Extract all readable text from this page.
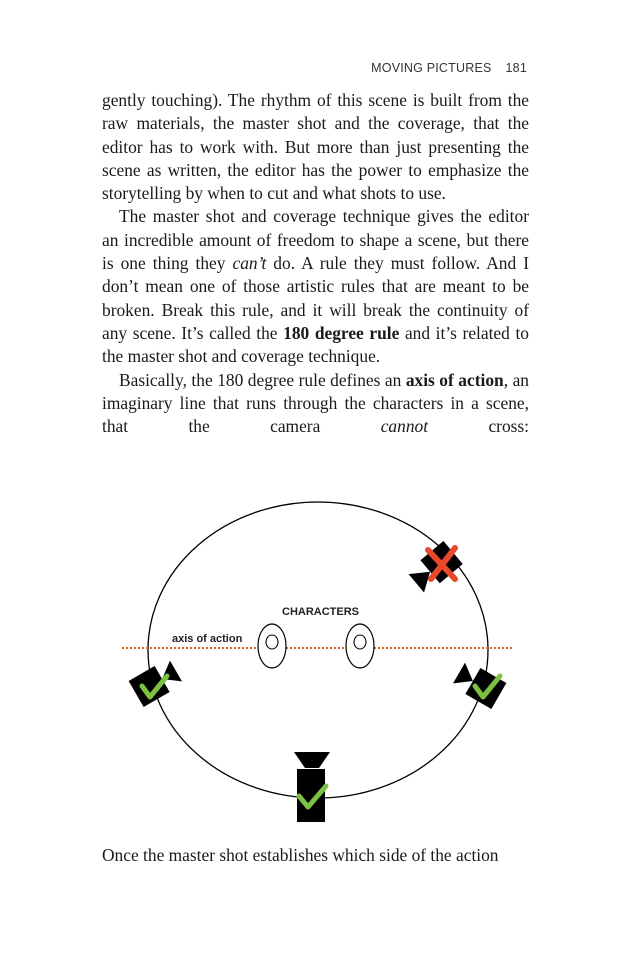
MOVING PICTURES 181

gently touching). The rhythm of this scene is built from the raw materials, the master shot and the coverage, that the editor has to work with. But more than just presenting the scene as written, the editor has the power to emphasize the storytelling by when to cut and what shots to use.

The master shot and coverage technique gives the editor an incredible amount of freedom to shape a scene, but there is one thing they can’t do. A rule they must follow. And I don’t mean one of those artistic rules that are meant to be broken. Break this rule, and it will break the continuity of any scene. It’s called the 180 degree rule and it’s related to the master shot and coverage technique.

Basically, the 180 degree rule defines an axis of action, an imaginary line that runs through the characters in a scene, that the camera cannot cross:

axis of action
CHARACTERS

Once the master shot establishes which side of the action
